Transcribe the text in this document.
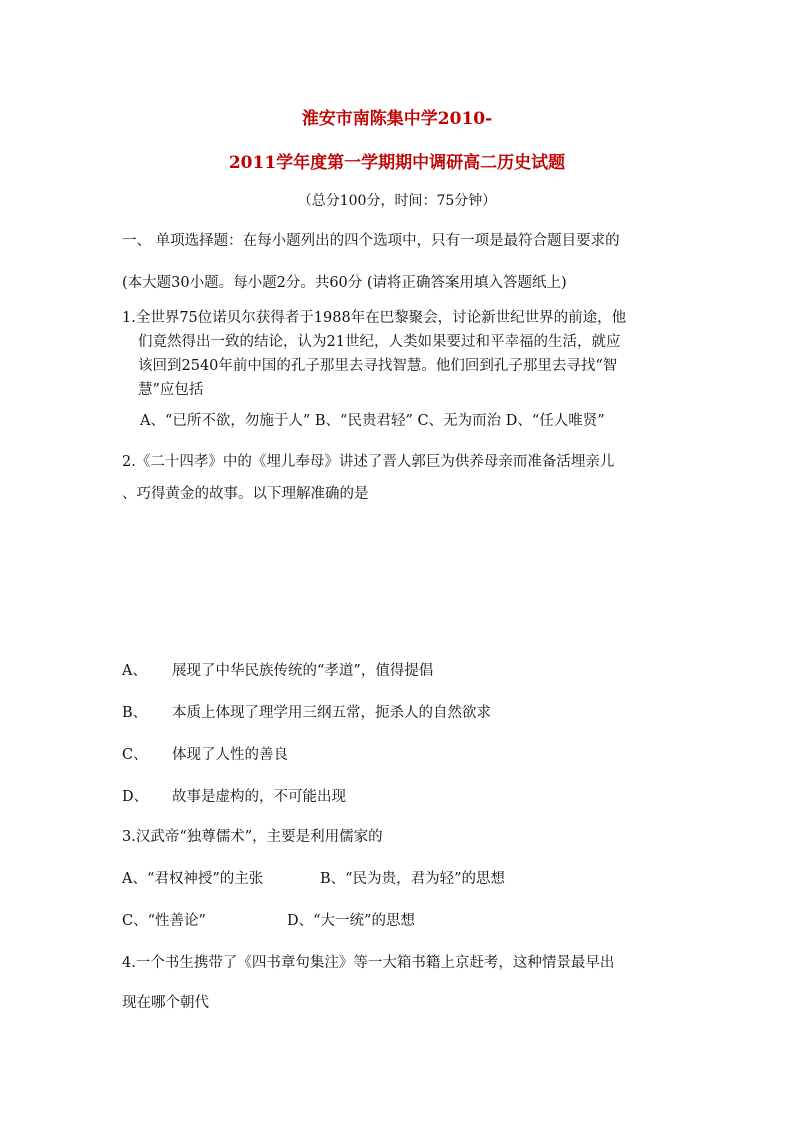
淮安市南陈集中学2010-
2011学年度第一学期期中调研高二历史试题
（总分100分，时间：75分钟）
一、 单项选择题：在每小题列出的四个选项中，只有一项是最符合题目要求的
(本大题30小题。每小题2分。共60分 (请将正确答案用填入答题纸上)
1.全世界75位诺贝尔获得者于1988年在巴黎聚会，讨论新世纪世界的前途，他
们竟然得出一致的结论，认为21世纪，人类如果要过和平幸福的生活，就应
该回到2540年前中国的孔子那里去寻找智慧。他们回到孔子那里去寻找“智
慧”应包括
A、“已所不欲，勿施于人” B、“民贵君轻” C、无为而治 D、“任人唯贤”
2.《二十四孝》中的《埋儿奉母》讲述了晋人郭巨为供养母亲而准备活埋亲儿
、巧得黄金的故事。以下理解准确的是
A、 展现了中华民族传统的“孝道”，值得提倡
B、 本质上体现了理学用三纲五常，扼杀人的自然欲求
C、 体现了人性的善良
D、 故事是虚构的，不可能出现
3.汉武帝“独尊儒术”，主要是利用儒家的
A、“君权神授”的主张	B、“民为贵，君为轻”的思想
C、“性善论”	D、“大一统”的思想
4.一个书生携带了《四书章句集注》等一大箱书籍上京赶考，这种情景最早出
现在哪个朝代
